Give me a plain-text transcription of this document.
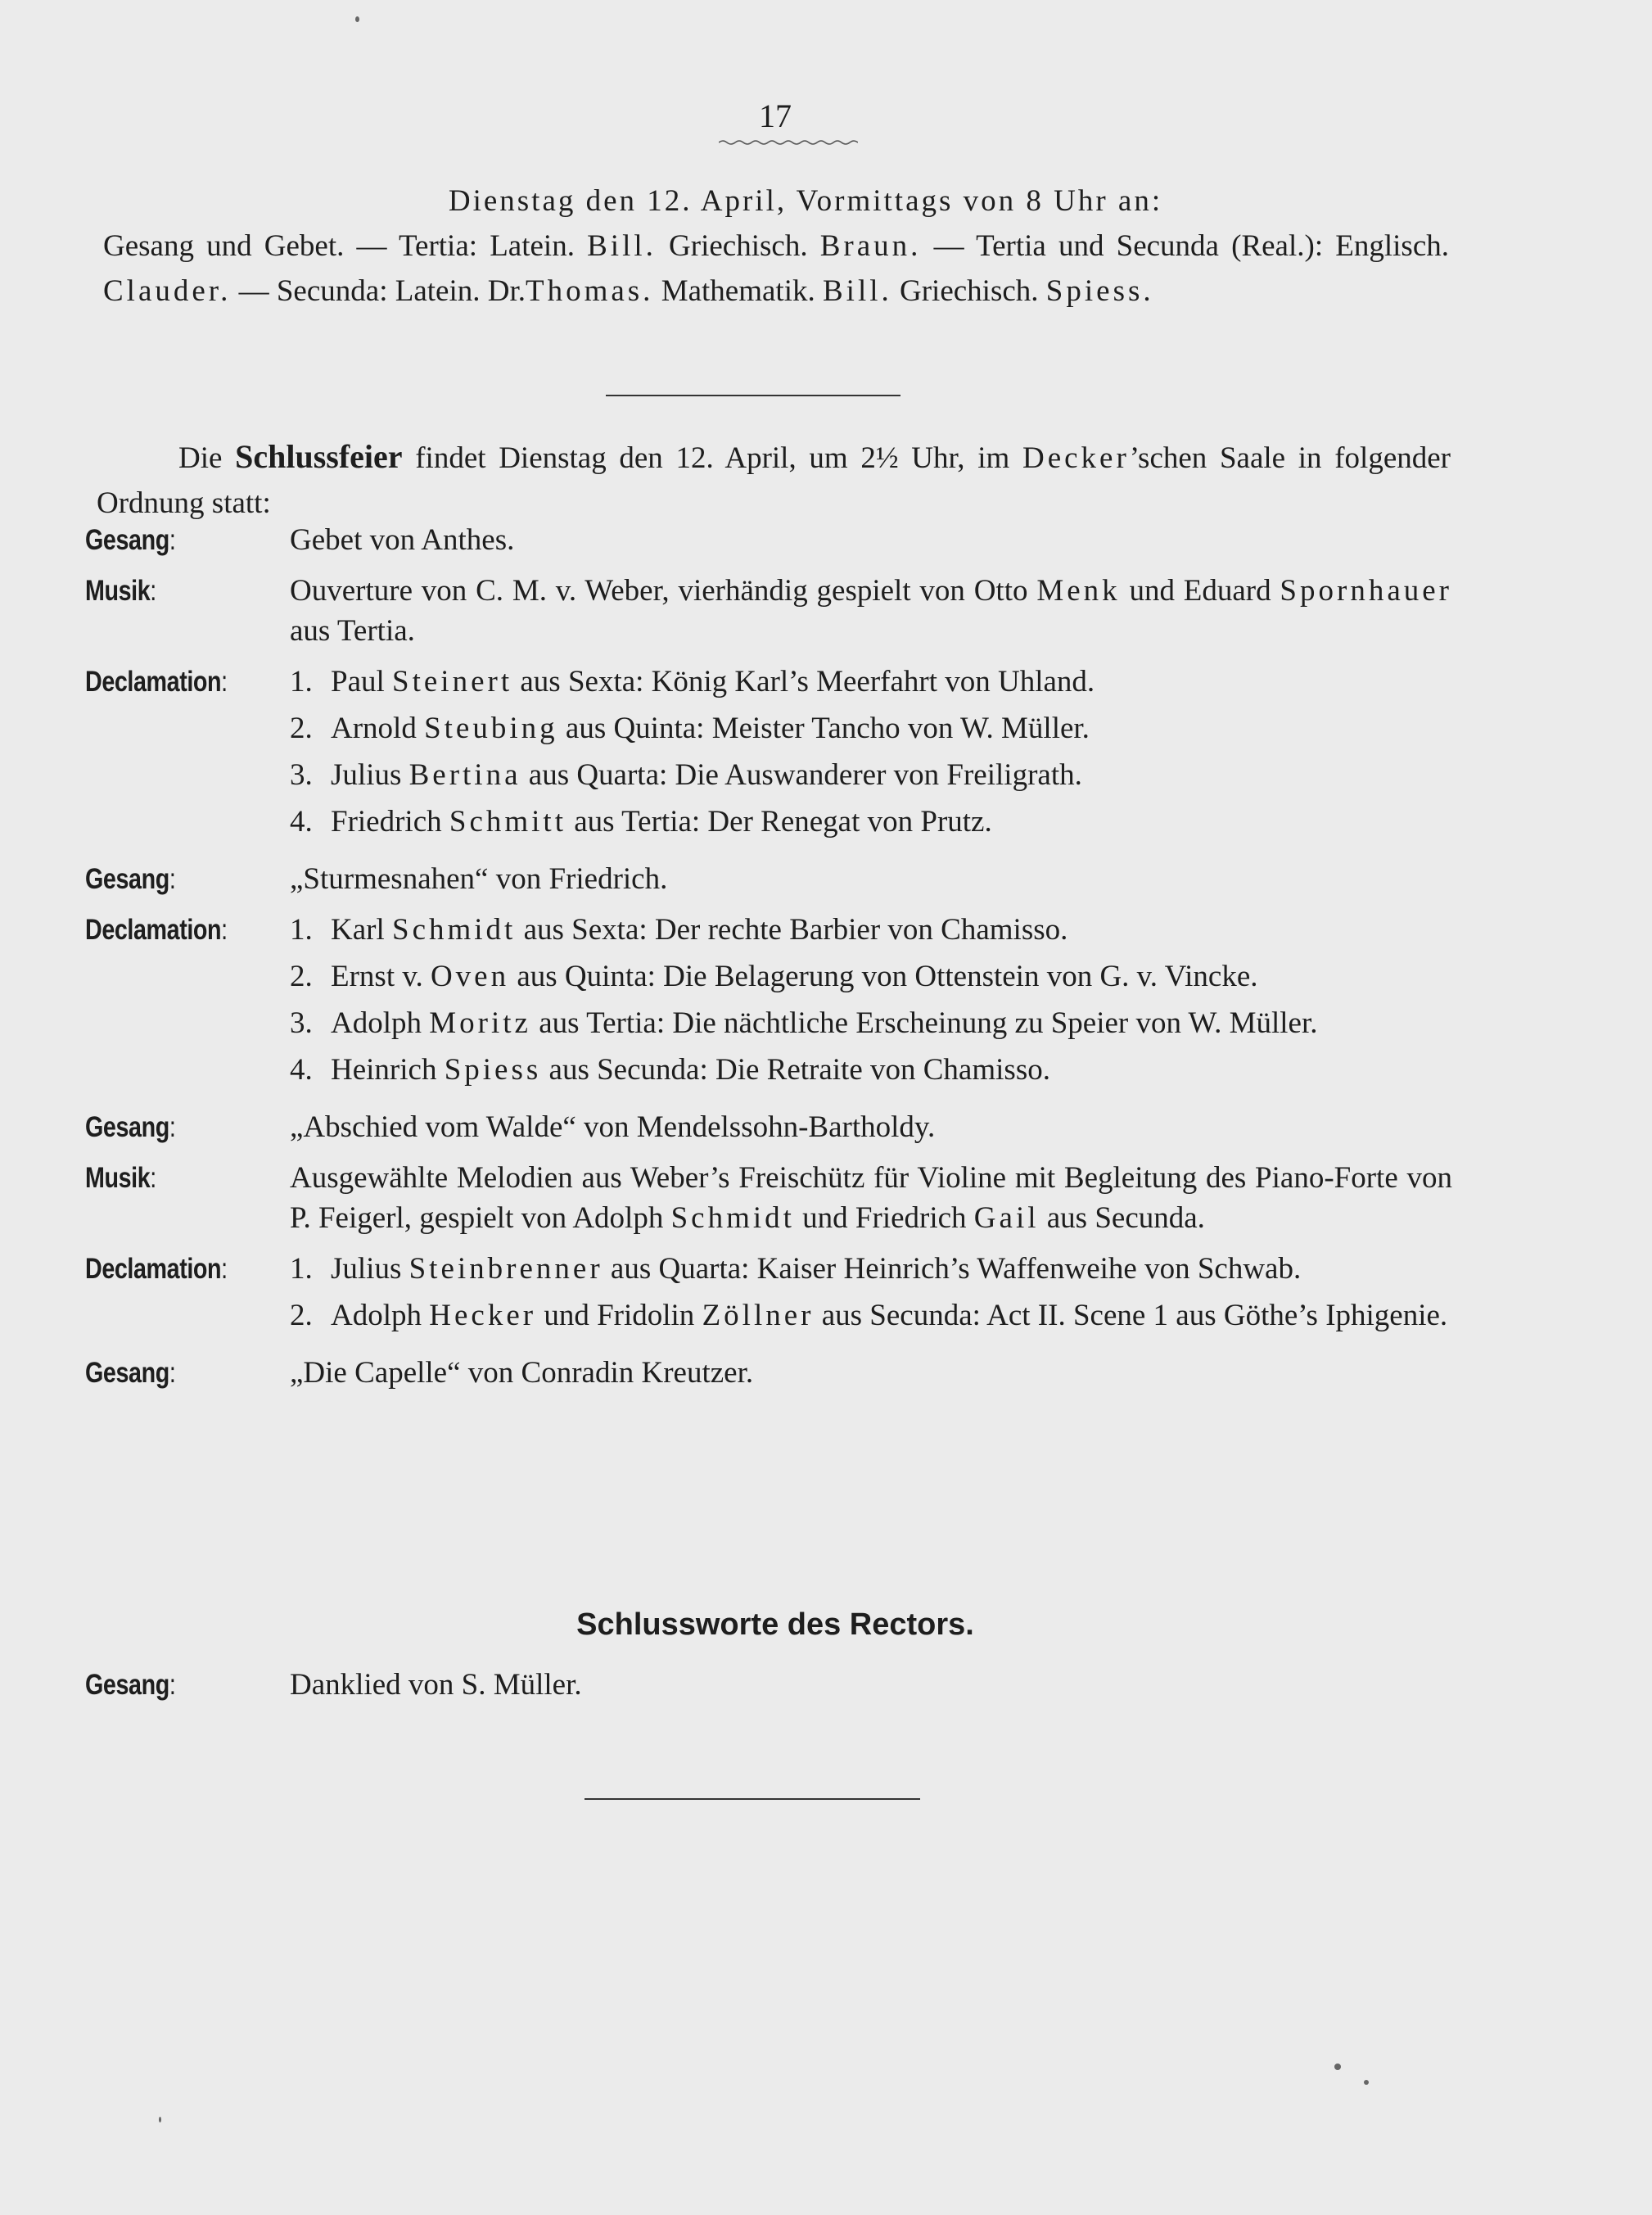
17
Dienstag den 12. April, Vormittags von 8 Uhr an:
Gesang und Gebet. — Tertia: Latein. Bill. Griechisch. Braun. — Tertia und Secunda (Real.): Englisch. Clauder. — Secunda: Latein. Dr.Thomas. Mathematik. Bill. Griechisch. Spiess.
Die Schlussfeier findet Dienstag den 12. April, um 2½ Uhr, im Decker’schen Saale in folgender Ordnung statt:
Gesang:	Gebet von Anthes.
Musik:	Ouverture von C. M. v. Weber, vierhändig gespielt von Otto Menk und Eduard Spornhauer aus Tertia.
Declamation:	1. Paul Steinert aus Sexta: König Karl’s Meerfahrt von Uhland.
2. Arnold Steubing aus Quinta: Meister Tancho von W. Müller.
3. Julius Bertina aus Quarta: Die Auswanderer von Freiligrath.
4. Friedrich Schmitt aus Tertia: Der Renegat von Prutz.
Gesang:	„Sturmesnahen“ von Friedrich.
Declamation:	1. Karl Schmidt aus Sexta: Der rechte Barbier von Chamisso.
2. Ernst v. Oven aus Quinta: Die Belagerung von Ottenstein von G. v. Vincke.
3. Adolph Moritz aus Tertia: Die nächtliche Erscheinung zu Speier von W. Müller.
4. Heinrich Spiess aus Secunda: Die Retraite von Chamisso.
Gesang:	„Abschied vom Walde“ von Mendelssohn-Bartholdy.
Musik:	Ausgewählte Melodien aus Weber’s Freischütz für Violine mit Begleitung des Piano-Forte von P. Feigerl, gespielt von Adolph Schmidt und Friedrich Gail aus Secunda.
Declamation:	1. Julius Steinbrenner aus Quarta: Kaiser Heinrich’s Waffenweihe von Schwab.
2. Adolph Hecker und Fridolin Zöllner aus Secunda: Act II. Scene 1 aus Göthe’s Iphigenie.
Gesang:	„Die Capelle“ von Conradin Kreutzer.
Schlussworte des Rectors.
Gesang:	Danklied von S. Müller.
